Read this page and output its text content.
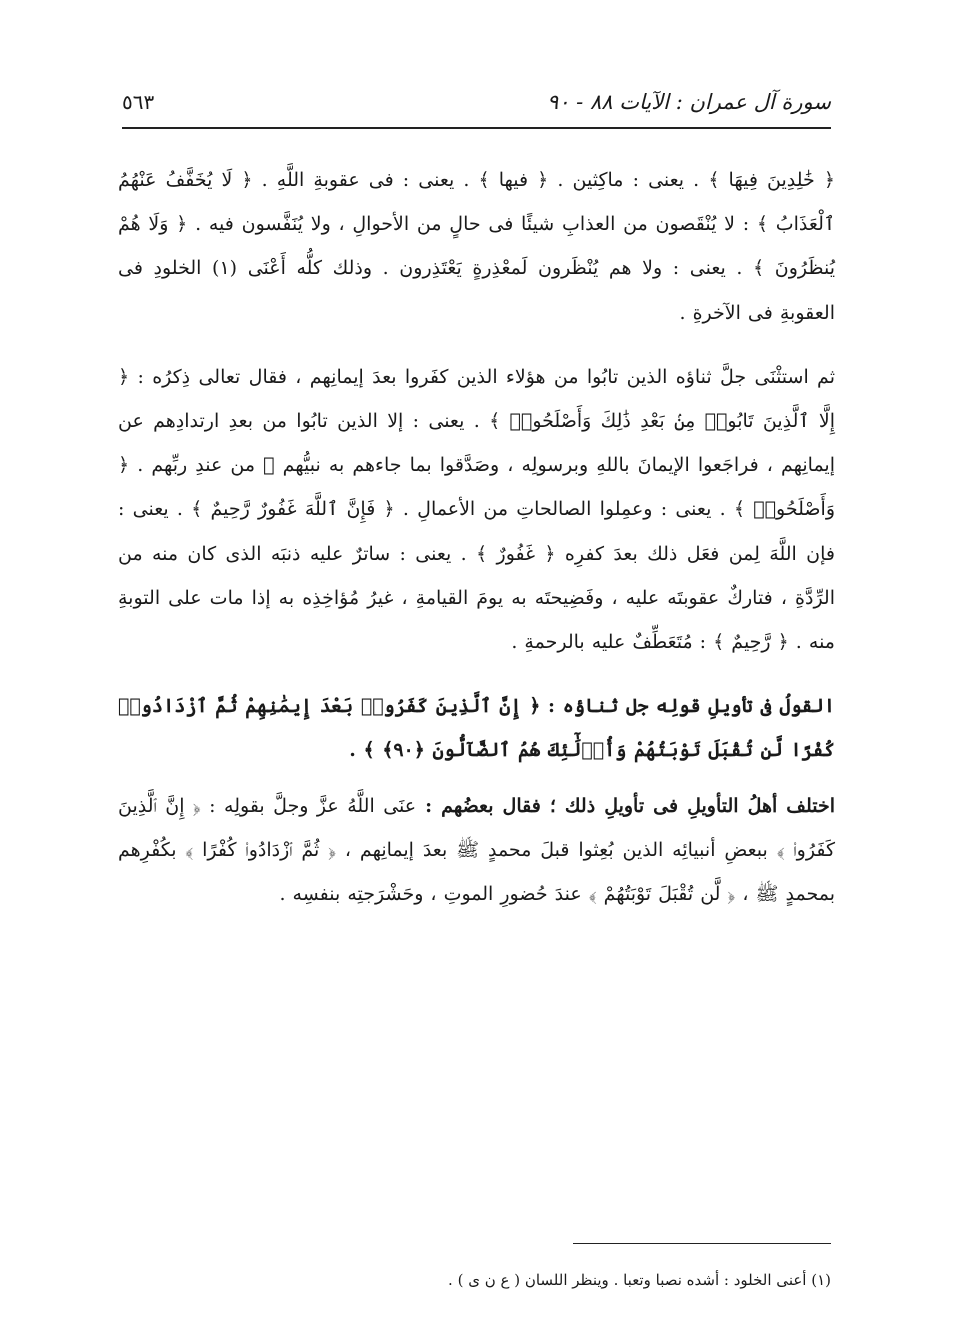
سورة آل عمران : الآيات ٨٨ - ٩٠
٥٦٣

﴿ خَٰلِدِينَ فِيهَا ﴾ . يعنى : ماكِثين . ﴿ فيها ﴾ . يعنى : فى عقوبةِ اللَّهِ . ﴿ لَا يُخَفَّفُ عَنْهُمُ ٱلْعَذَابُ ﴾ : لا يُنْقَصون من العذابِ شيئًا فى حالٍ من الأحوالِ ، ولا يُنَفَّسون فيه . ﴿ وَلَا هُمْ يُنظَرُونَ ﴾ . يعنى : ولا هم يُنْظَرون لَمعْذِرةٍ يَعْتَذِرون . وذلك كلُّه أَعْنَى (١) الخلودِ فى العقوبةِ فى الآخرةِ .

ثم استثْنَى جلَّ ثناؤه الذين تابُوا من هؤلاء الذين كفَروا بعدَ إيمانِهم ، فقال تعالى ذِكرُه : ﴿ إِلَّا ٱلَّذِينَ تَابُوا۟ مِنۢ بَعْدِ ذَٰلِكَ وَأَصْلَحُوا۟ ﴾ . يعنى : إلا الذين تابُوا من بعدِ ارتدادِهم عن إيمانِهم ، فراجَعوا الإيمانَ باللهِ وبرسولِه ، وصَدَّقوا بما جاءهم به نبيُّهم ﷺ من عندِ ربِّهم . ﴿ وَأَصْلَحُوا۟ ﴾ . يعنى : وعمِلوا الصالحاتِ من الأعمالِ . ﴿ فَإِنَّ ٱللَّهَ غَفُورٌ رَّحِيمٌ ﴾ . يعنى : فإن اللَّهَ لِمن فعَل ذلك بعدَ كفرِه ﴿ غَفُورٌ ﴾ . يعنى : ساترٌ عليه ذنبَه الذى كان منه من الرِّدَّةِ ، فتاركٌ عقوبتَه عليه ، وفَضِيحتَه به يومَ القيامةِ ، غيرُ مُؤاخِذِه به إذا مات على التوبةِ منه . ﴿ رَّحِيمٌ ﴾ : مُتَعَطِّفٌ عليه بالرحمةِ .

القولُ فى تأويلِ قولِه جل ثناؤه : ﴿ إِنَّ ٱلَّذِينَ كَفَرُوا۟ بَعْدَ إِيمَٰنِهِمْ ثُمَّ ٱزْدَادُوا۟ كُفْرًا لَّن تُقْبَلَ تَوْبَتُهُمْ وَأُو۟لَٰٓئِكَ هُمُ ٱلضَّآلُّونَ ﴿٩٠﴾ ﴾ .

اختلف أهلُ التأويلِ فى تأويلِ ذلك ؛ فقال بعضُهم : عنَى اللَّهُ عزَّ وجلَّ بقولِه : ﴿ إِنَّ ٱلَّذِينَ كَفَرُوا۟ ﴾ ببعضِ أنبيائِه الذين بُعِثوا قبلَ محمدٍ ﷺ بعدَ إيمانِهم ، ﴿ ثُمَّ ٱزْدَادُوا۟ كُفْرًا ﴾ بكُفْرِهم بمحمدٍ ﷺ ، ﴿ لَّن تُقْبَلَ تَوْبَتُهُمْ ﴾ عندَ حُضورِ الموتِ ، وحَشْرَجتِه بنفسِه .

(١) أعنى الخلود : أشده نصبا وتعبا . وينظر اللسان ( ع ن ى ) .
